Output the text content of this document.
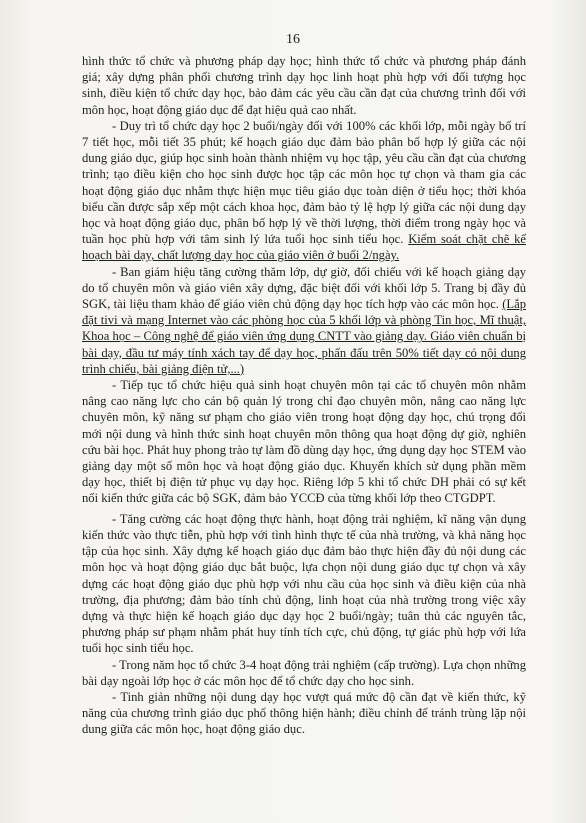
16

hình thức tổ chức và phương pháp dạy học; hình thức tổ chức và phương pháp đánh giá; xây dựng phân phối chương trình dạy học linh hoạt phù hợp với đối tượng học sinh, điều kiện tổ chức dạy học, bảo đảm các yêu cầu cần đạt của chương trình đối với môn học, hoạt động giáo dục để đạt hiệu quả cao nhất.

- Duy trì tổ chức dạy học 2 buổi/ngày đối với 100% các khối lớp, mỗi ngày bố trí 7 tiết học, mỗi tiết 35 phút; kế hoạch giáo dục đảm bảo phân bố hợp lý giữa các nội dung giáo dục, giúp học sinh hoàn thành nhiệm vụ học tập, yêu cầu cần đạt của chương trình; tạo điều kiện cho học sinh được học tập các môn học tự chọn và tham gia các hoạt động giáo dục nhằm thực hiện mục tiêu giáo dục toàn diện ở tiểu học; thời khóa biểu cần được sắp xếp một cách khoa học, đảm bảo tỷ lệ hợp lý giữa các nội dung dạy học và hoạt động giáo dục, phân bố hợp lý về thời lượng, thời điểm trong ngày học và tuần học phù hợp với tâm sinh lý lứa tuổi học sinh tiểu học. Kiểm soát chặt chẽ kế hoạch bài dạy, chất lượng dạy học của giáo viên ở buổi 2/ngày.

- Ban giám hiệu tăng cường thăm lớp, dự giờ, đối chiếu với kế hoạch giảng dạy do tổ chuyên môn và giáo viên xây dựng, đặc biệt đối với khối lớp 5. Trang bị đầy đủ SGK, tài liệu tham khảo để giáo viên chủ động dạy học tích hợp vào các môn học. (Lắp đặt tivi và mạng Internet vào các phòng học của 5 khối lớp và phòng Tin học, Mĩ thuật, Khoa học – Công nghệ để giáo viên ứng dụng CNTT vào giảng dạy. Giáo viên chuẩn bị bài dạy, đầu tư máy tính xách tay để dạy học, phấn đấu trên 50% tiết dạy có nội dung trình chiếu, bài giảng điện tử,...)

- Tiếp tục tổ chức hiệu quả sinh hoạt chuyên môn tại các tổ chuyên môn nhằm nâng cao năng lực cho cán bộ quản lý trong chỉ đạo chuyên môn, nâng cao năng lực chuyên môn, kỹ năng sư phạm cho giáo viên trong hoạt động dạy học, chú trọng đổi mới nội dung và hình thức sinh hoạt chuyên môn thông qua hoạt động dự giờ, nghiên cứu bài học. Phát huy phong trào tự làm đồ dùng dạy học, ứng dụng dạy học STEM vào giảng dạy một số môn học và hoạt động giáo dục. Khuyến khích sử dụng phần mềm dạy học, thiết bị điện tử phục vụ dạy học. Riêng lớp 5 khi tổ chức DH phải có sự kết nối kiến thức giữa các bộ SGK, đảm bảo YCCĐ của từng khối lớp theo CTGDPT.

- Tăng cường các hoạt động thực hành, hoạt động trải nghiệm, kĩ năng vận dụng kiến thức vào thực tiễn, phù hợp với tình hình thực tế của nhà trường, và khả năng học tập của học sinh. Xây dựng kế hoạch giáo dục đảm bảo thực hiện đầy đủ nội dung các môn học và hoạt động giáo dục bắt buộc, lựa chọn nội dung giáo dục tự chọn và xây dựng các hoạt động giáo dục phù hợp với nhu cầu của học sinh và điều kiện của nhà trường, địa phương; đảm bảo tính chủ động, linh hoạt của nhà trường trong việc xây dựng và thực hiện kế hoạch giáo dục dạy học 2 buổi/ngày; tuân thủ các nguyên tắc, phương pháp sư phạm nhằm phát huy tính tích cực, chủ động, tự giác phù hợp với lứa tuổi học sinh tiểu học.

- Trong năm học tổ chức 3-4 hoạt động trải nghiệm (cấp trường). Lựa chọn những bài dạy ngoài lớp học ở các môn học để tổ chức dạy cho học sinh.

- Tinh giản những nội dung dạy học vượt quá mức độ cần đạt về kiến thức, kỹ năng của chương trình giáo dục phổ thông hiện hành; điều chỉnh để tránh trùng lặp nội dung giữa các môn học, hoạt động giáo dục.
